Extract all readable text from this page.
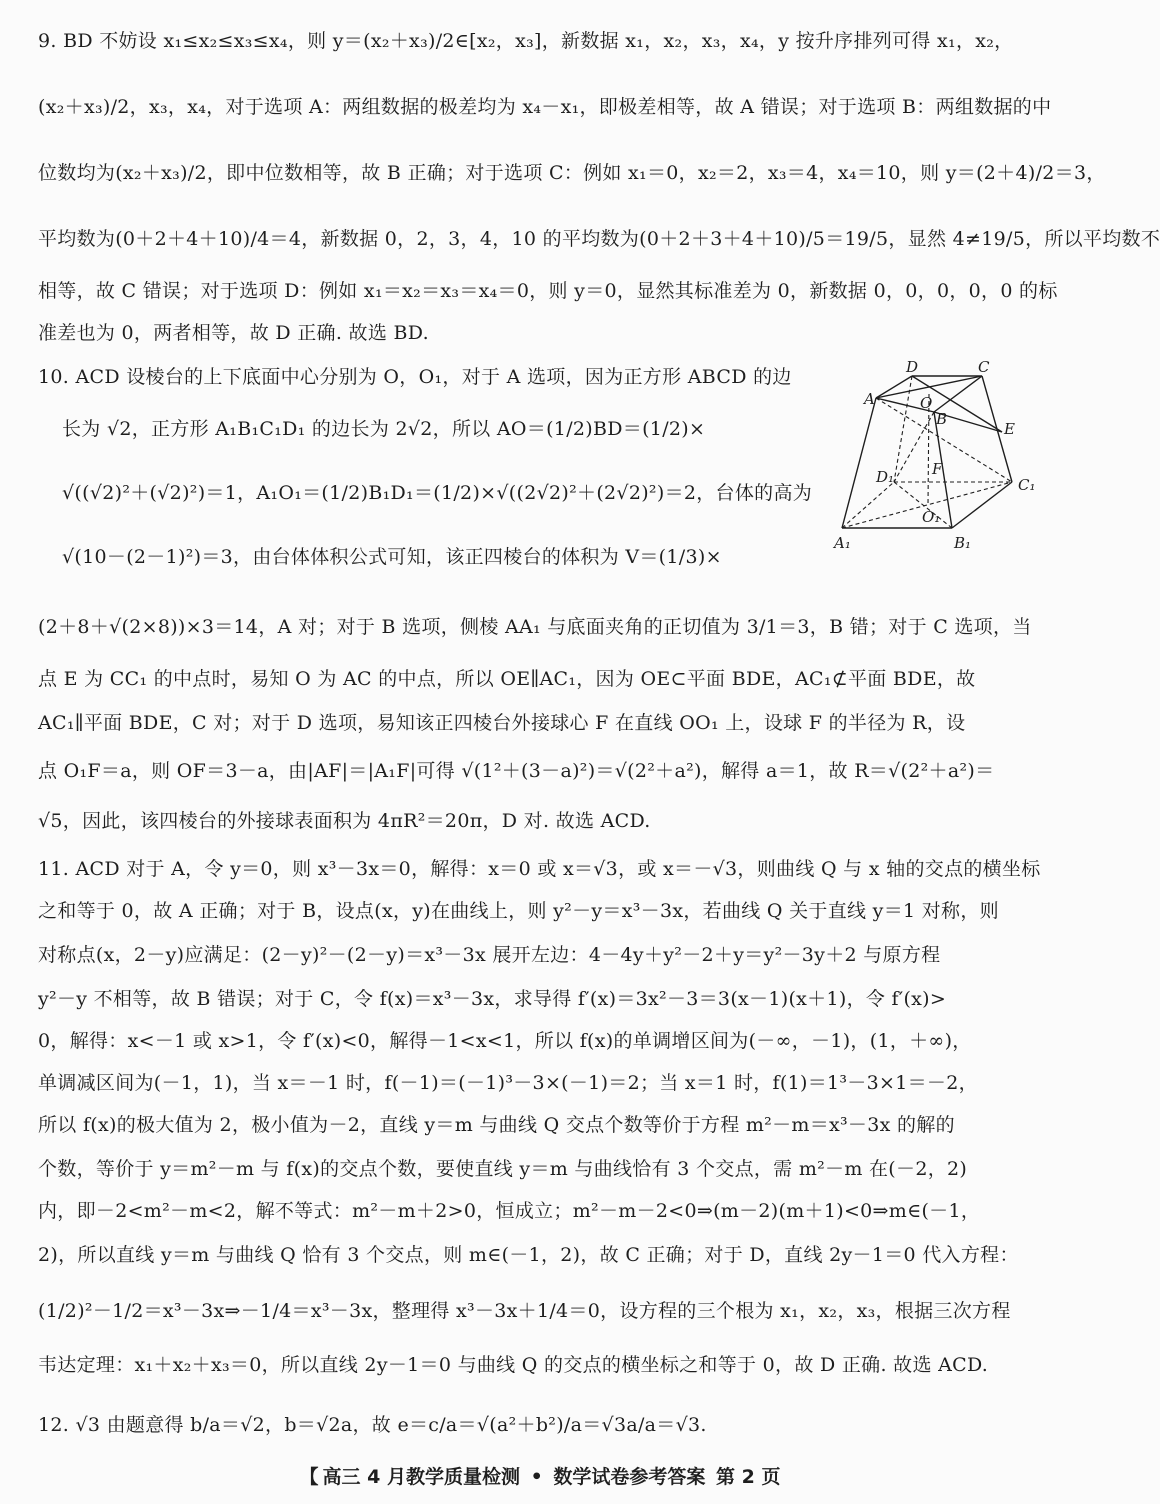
9. BD 不妨设 x₁≤x₂≤x₃≤x₄，则 y＝(x₂＋x₃)/2∈[x₂，x₃]，新数据 x₁，x₂，x₃，x₄，y 按升序排列可得 x₁，x₂，
(x₂＋x₃)/2，x₃，x₄，对于选项 A：两组数据的极差均为 x₄－x₁，即极差相等，故 A 错误；对于选项 B：两组数据的中
位数均为(x₂＋x₃)/2，即中位数相等，故 B 正确；对于选项 C：例如 x₁＝0，x₂＝2，x₃＝4，x₄＝10，则 y＝(2＋4)/2＝3，
平均数为(0＋2＋4＋10)/4＝4，新数据 0，2，3，4，10 的平均数为(0＋2＋3＋4＋10)/5＝19/5，显然 4≠19/5，所以平均数不
相等，故 C 错误；对于选项 D：例如 x₁＝x₂＝x₃＝x₄＝0，则 y＝0，显然其标准差为 0，新数据 0，0，0，0，0 的标
准差也为 0，两者相等，故 D 正确. 故选 BD.
10. ACD 设棱台的上下底面中心分别为 O，O₁，对于 A 选项，因为正方形 ABCD 的边
长为 √2，正方形 A₁B₁C₁D₁ 的边长为 2√2，所以 AO＝(1/2)BD＝(1/2)×
√((√2)²＋(√2)²)＝1，A₁O₁＝(1/2)B₁D₁＝(1/2)×√((2√2)²＋(2√2)²)＝2，台体的高为
√(10－(2－1)²)＝3，由台体体积公式可知，该正四棱台的体积为 V＝(1/3)×
(2＋8＋√(2×8))×3＝14，A 对；对于 B 选项，侧棱 AA₁ 与底面夹角的正切值为 3/1＝3，B 错；对于 C 选项，当
点 E 为 CC₁ 的中点时，易知 O 为 AC 的中点，所以 OE∥AC₁，因为 OE⊂平面 BDE，AC₁⊄平面 BDE，故
AC₁∥平面 BDE，C 对；对于 D 选项，易知该正四棱台外接球心 F 在直线 OO₁ 上，设球 F 的半径为 R，设
点 O₁F＝a，则 OF＝3－a，由|AF|＝|A₁F|可得 √(1²＋(3－a)²)＝√(2²＋a²)，解得 a＝1，故 R＝√(2²＋a²)＝
√5，因此，该四棱台的外接球表面积为 4πR²＝20π，D 对. 故选 ACD.
D	C
A	O
B
E
D₁	F
C₁
O₁
A₁	B₁
11. ACD 对于 A，令 y＝0，则 x³－3x＝0，解得：x＝0 或 x＝√3，或 x＝－√3，则曲线 Q 与 x 轴的交点的横坐标
之和等于 0，故 A 正确；对于 B，设点(x，y)在曲线上，则 y²－y＝x³－3x，若曲线 Q 关于直线 y＝1 对称，则
对称点(x，2－y)应满足：(2－y)²－(2－y)＝x³－3x 展开左边：4－4y＋y²－2＋y＝y²－3y＋2 与原方程
y²－y 不相等，故 B 错误；对于 C，令 f(x)＝x³－3x，求导得 f′(x)＝3x²－3＝3(x－1)(x＋1)，令 f′(x)>
0，解得：x<－1 或 x>1，令 f′(x)<0，解得－1<x<1，所以 f(x)的单调增区间为(－∞，－1)，(1，＋∞)，
单调减区间为(－1，1)，当 x＝－1 时，f(－1)＝(－1)³－3×(－1)＝2；当 x＝1 时，f(1)＝1³－3×1＝－2，
所以 f(x)的极大值为 2，极小值为－2，直线 y＝m 与曲线 Q 交点个数等价于方程 m²－m＝x³－3x 的解的
个数，等价于 y＝m²－m 与 f(x)的交点个数，要使直线 y＝m 与曲线恰有 3 个交点，需 m²－m 在(－2，2)
内，即－2<m²－m<2，解不等式：m²－m＋2>0，恒成立；m²－m－2<0⇒(m－2)(m＋1)<0⇒m∈(－1，
2)，所以直线 y＝m 与曲线 Q 恰有 3 个交点，则 m∈(－1，2)，故 C 正确；对于 D，直线 2y－1＝0 代入方程：
(1/2)²－1/2＝x³－3x⇒－1/4＝x³－3x，整理得 x³－3x＋1/4＝0，设方程的三个根为 x₁，x₂，x₃，根据三次方程
韦达定理：x₁＋x₂＋x₃＝0，所以直线 2y－1＝0 与曲线 Q 的交点的横坐标之和等于 0，故 D 正确. 故选 ACD.
12. √3 由题意得 b/a＝√2，b＝√2a，故 e＝c/a＝√(a²＋b²)/a＝√3a/a＝√3.
【 高三 4 月教学质量检测 • 数学试卷参考答案 第 2 页
